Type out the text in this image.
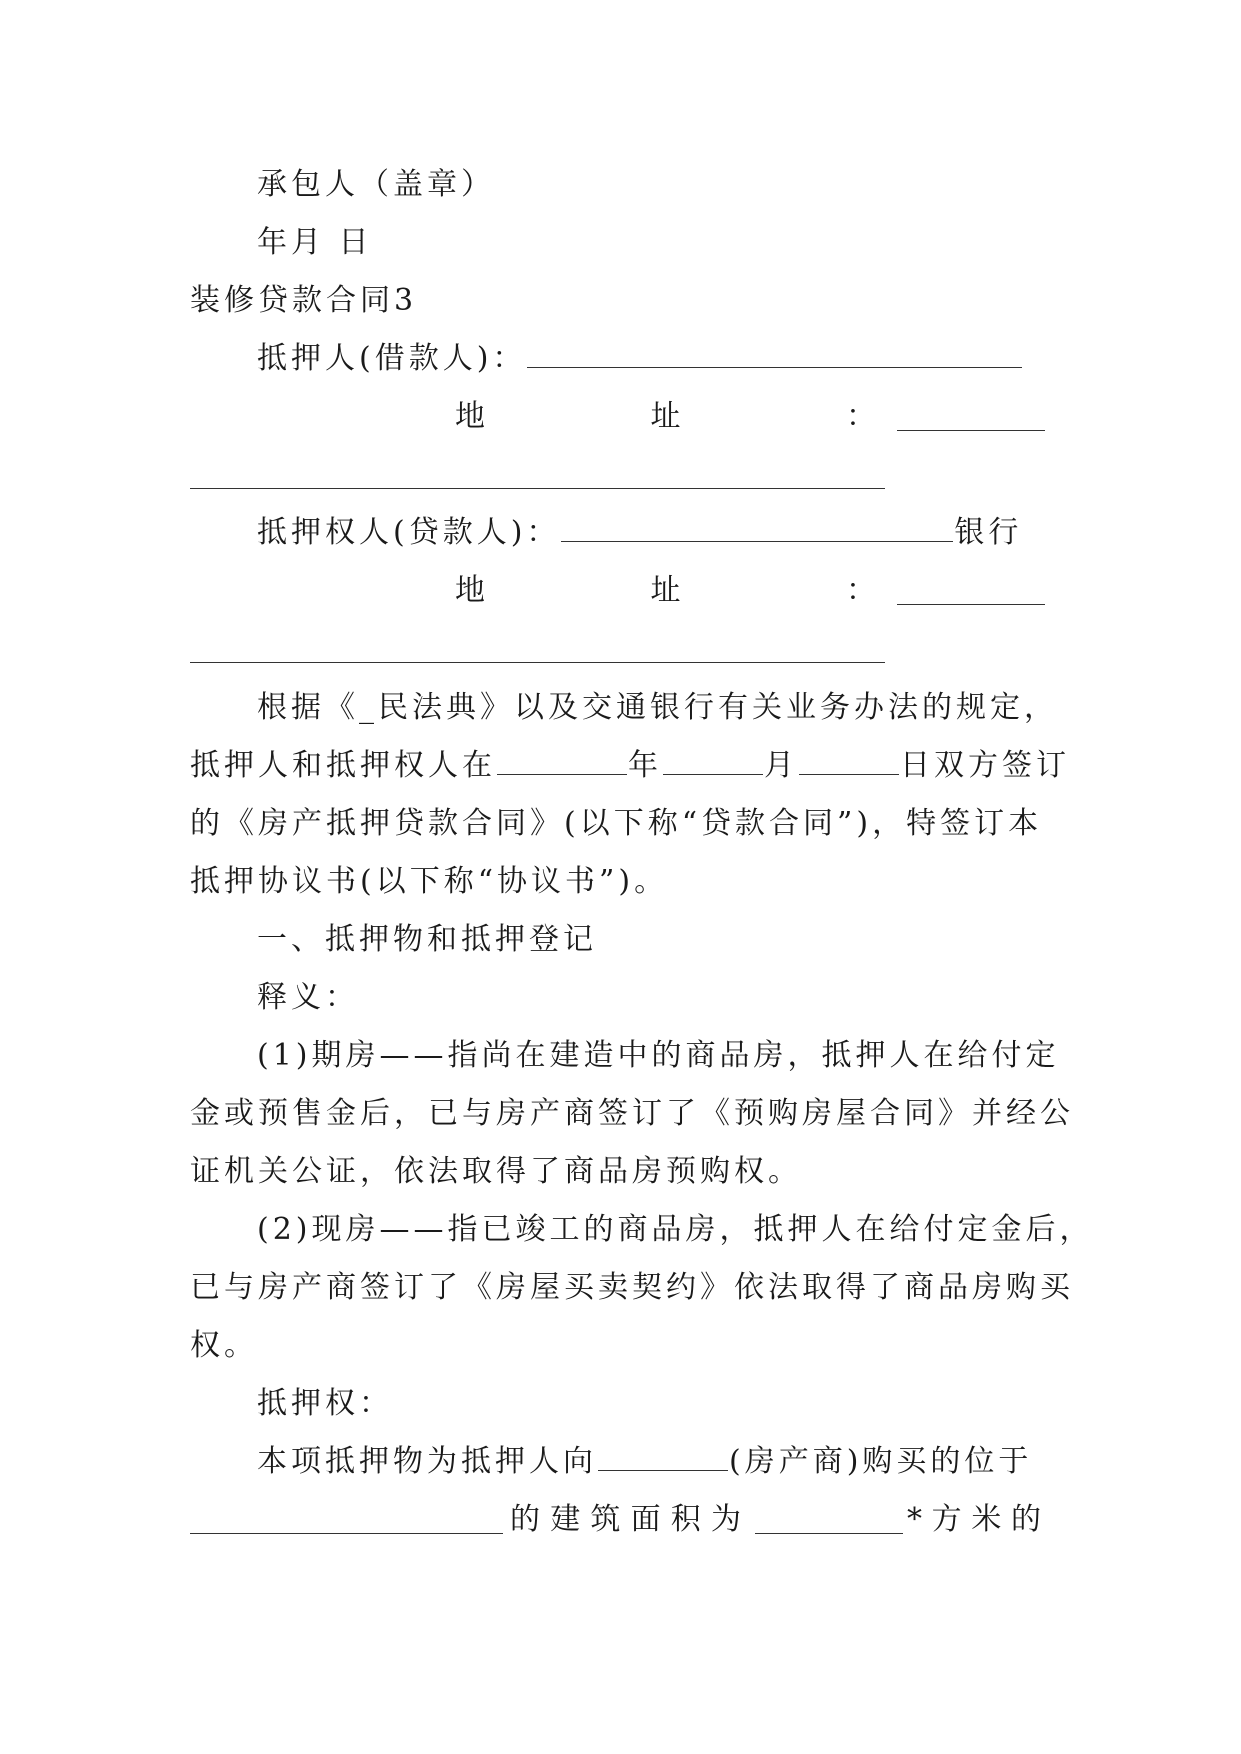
承包人（盖章）
年月 日
装修贷款合同3
抵押人(借款人)：
地	址	：
抵押权人(贷款人)：	银行
地	址	：
根据《_民法典》以及交通银行有关业务办法的规定，
抵押人和抵押权人在	年	月	日双方签订
的《房产抵押贷款合同》(以下称“贷款合同”)，特签订本
抵押协议书(以下称“协议书”)。
一、抵押物和抵押登记
释义：
(1)期房——指尚在建造中的商品房，抵押人在给付定
金或预售金后，已与房产商签订了《预购房屋合同》并经公
证机关公证，依法取得了商品房预购权。
(2)现房——指已竣工的商品房，抵押人在给付定金后，
已与房产商签订了《房屋买卖契约》依法取得了商品房购买
权。
抵押权：
本项抵押物为抵押人向	(房产商)购买的位于
的 建 筑 面 积 为	* 方 米 的
